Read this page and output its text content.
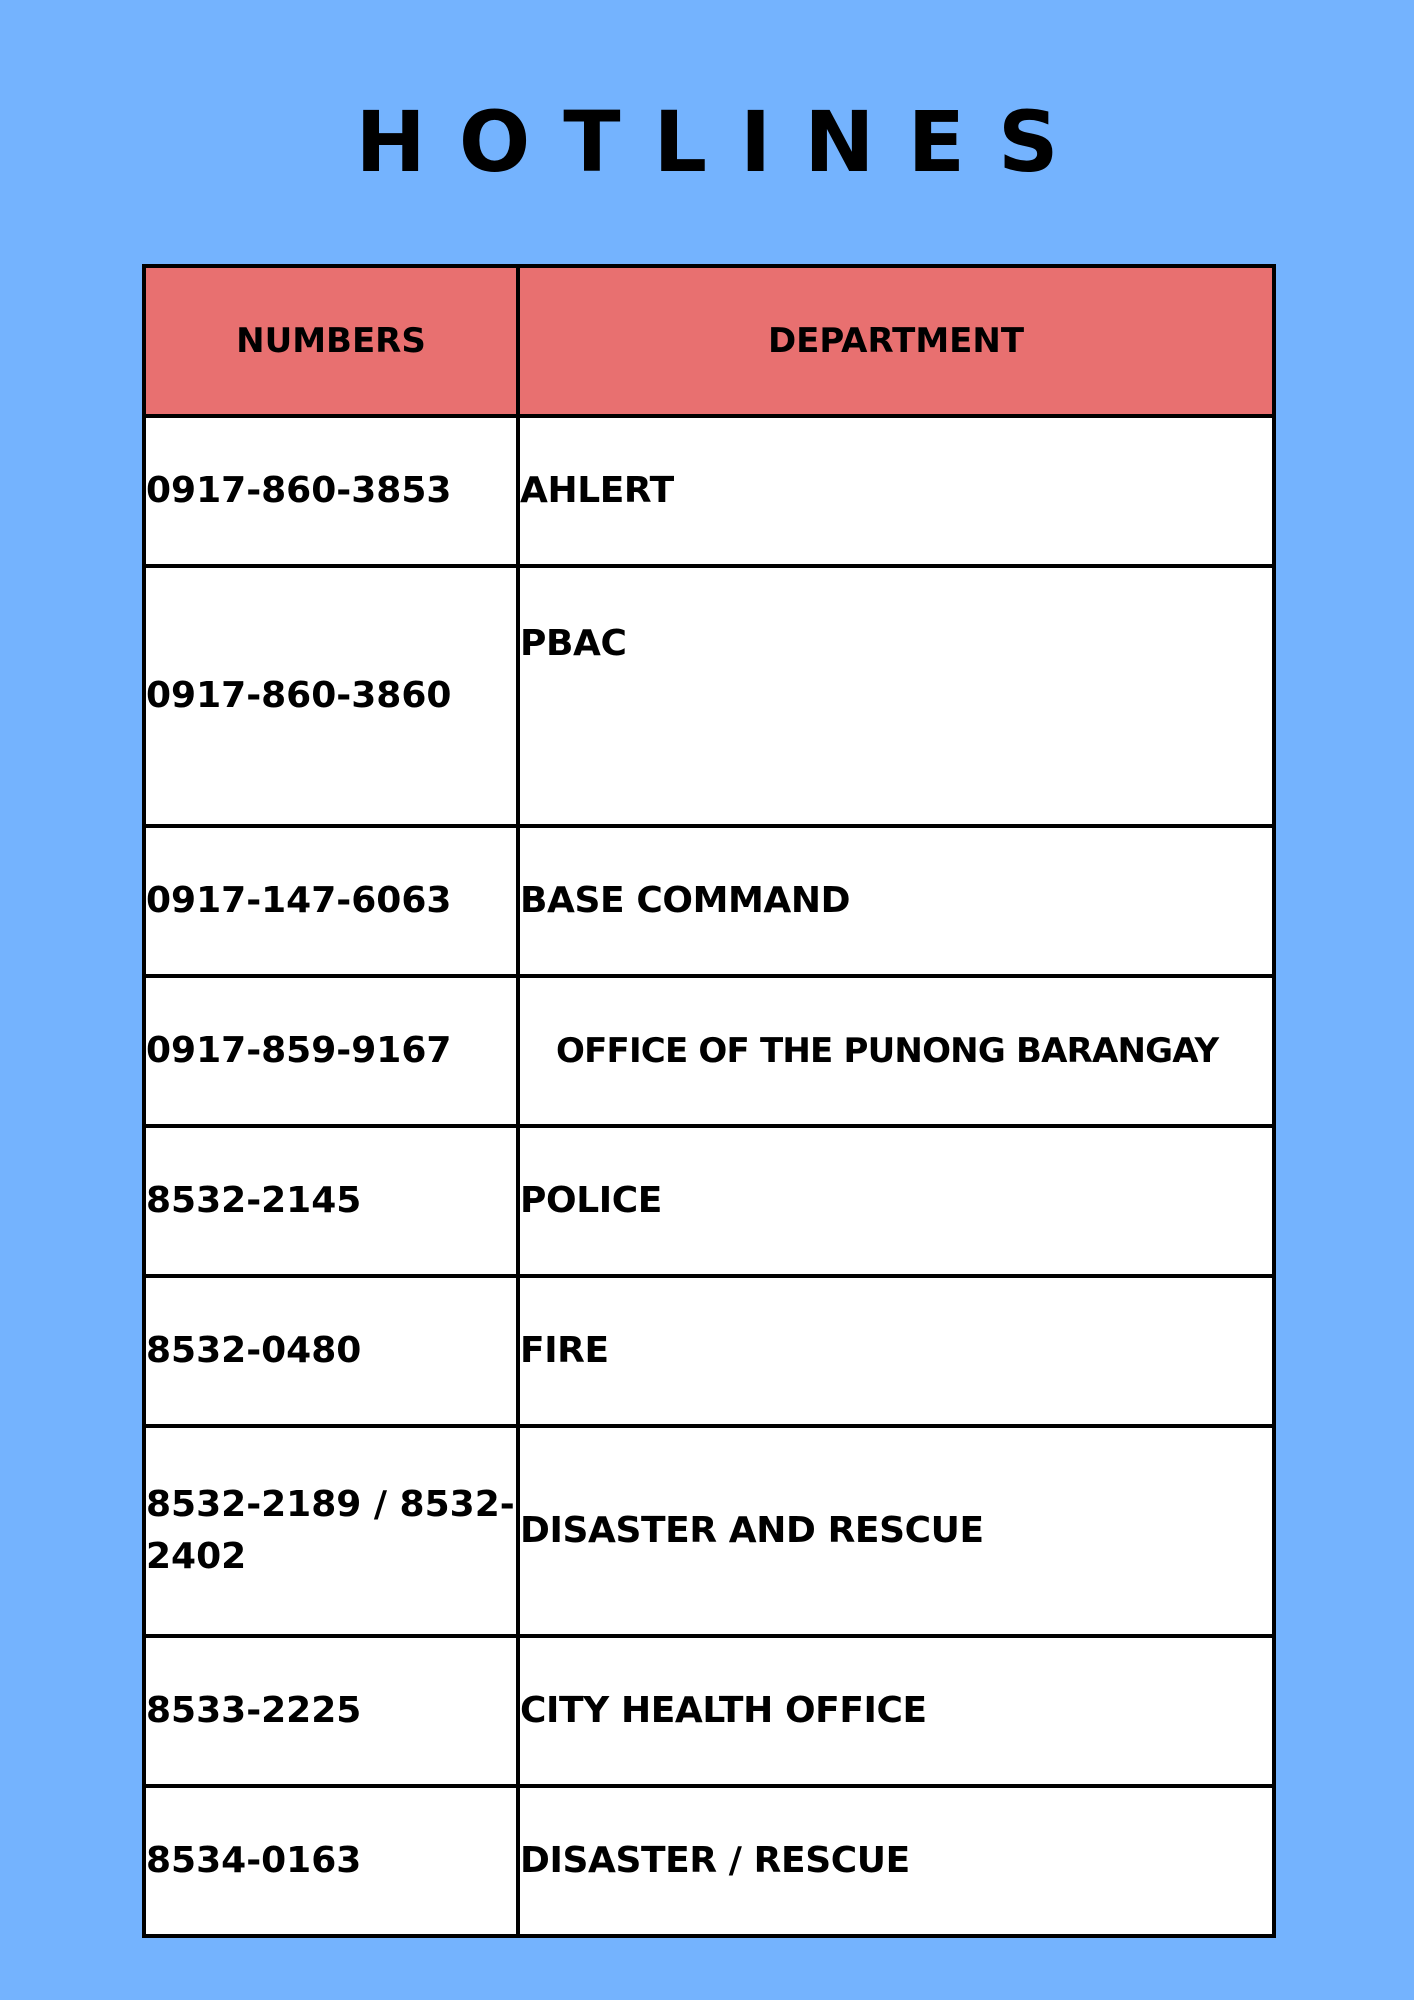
HOTLINES
NUMBERS	DEPARTMENT
0917-860-3853	AHLERT
0917-860-3860	PBAC
0917-147-6063	BASE COMMAND
0917-859-9167	OFFICE OF THE PUNONG BARANGAY
8532-2145	POLICE
8532-0480	FIRE
8532-2189 / 8532-2402	DISASTER AND RESCUE
8533-2225	CITY HEALTH OFFICE
8534-0163	DISASTER / RESCUE
